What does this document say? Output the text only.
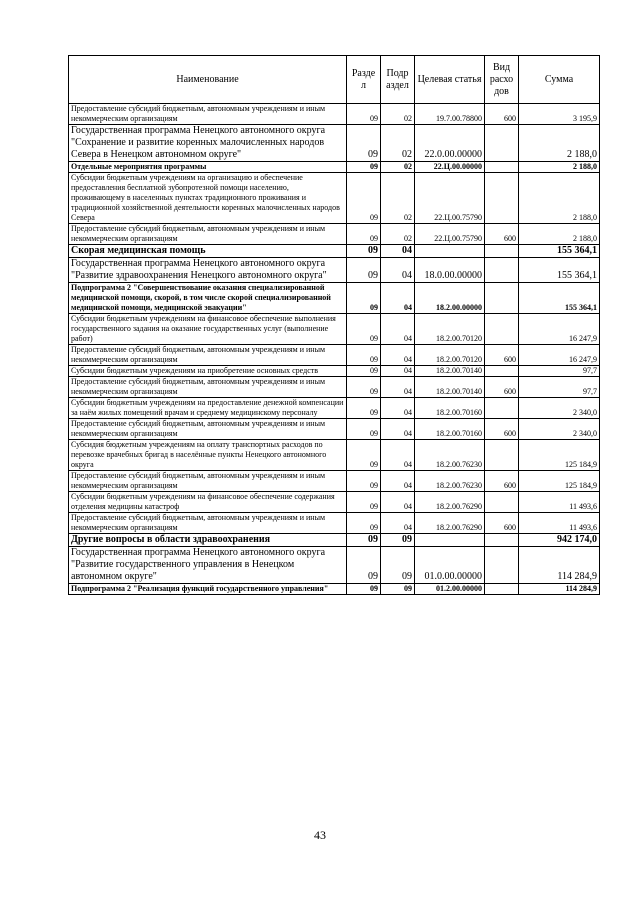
Наименование	Разде л	Подр аздел	Целевая статья	Вид расхо дов	Сумма
Предоставление субсидий бюджетным, автономным учреждениям и иным некоммерческим организациям	09	02	19.7.00.78800	600	3 195,9
Государственная программа Ненецкого автономного округа "Сохранение и развитие коренных малочисленных народов Севера в Ненецком автономном округе"	09	02	22.0.00.00000		2 188,0
Отдельные мероприятия программы	09	02	22.Ц.00.00000		2 188,0
Субсидии бюджетным учреждениям на организацию и обеспечение предоставления бесплатной зубопротезной помощи населению, проживающему в населенных пунктах традиционного проживания и традиционной хозяйственной деятельности коренных малочисленных народов Севера	09	02	22.Ц.00.75790		2 188,0
Предоставление субсидий бюджетным, автономным учреждениям и иным некоммерческим организациям	09	02	22.Ц.00.75790	600	2 188,0
Скорая медицинская помощь	09	04			155 364,1
Государственная программа Ненецкого автономного округа "Развитие здравоохранения Ненецкого автономного округа"	09	04	18.0.00.00000		155 364,1
Подпрограмма 2 "Совершенствование оказания специализированной медицинской помощи, скорой, в том числе скорой специализированной медицинской помощи, медицинской эвакуации"	09	04	18.2.00.00000		155 364,1
Субсидии бюджетным учреждениям на финансовое обеспечение выполнения государственного задания на оказание государственных услуг (выполнение работ)	09	04	18.2.00.70120		16 247,9
Предоставление субсидий бюджетным, автономным учреждениям и иным некоммерческим организациям	09	04	18.2.00.70120	600	16 247,9
Субсидии бюджетным учреждениям на приобретение основных средств	09	04	18.2.00.70140		97,7
Предоставление субсидий бюджетным, автономным учреждениям и иным некоммерческим организациям	09	04	18.2.00.70140	600	97,7
Субсидии бюджетным учреждениям на предоставление денежной компенсации за наём жилых помещений врачам и среднему медицинскому персоналу	09	04	18.2.00.70160		2 340,0
Предоставление субсидий бюджетным, автономным учреждениям и иным некоммерческим организациям	09	04	18.2.00.70160	600	2 340,0
Субсидия бюджетным учреждениям на оплату транспортных расходов по перевозке врачебных бригад в населённые пункты Ненецкого автономного округа	09	04	18.2.00.76230		125 184,9
Предоставление субсидий бюджетным, автономным учреждениям и иным некоммерческим организациям	09	04	18.2.00.76230	600	125 184,9
Субсидии бюджетным учреждениям на финансовое обеспечение содержания отделения медицины катастроф	09	04	18.2.00.76290		11 493,6
Предоставление субсидий бюджетным, автономным учреждениям и иным некоммерческим организациям	09	04	18.2.00.76290	600	11 493,6
Другие вопросы в области здравоохранения	09	09			942 174,0
Государственная программа Ненецкого автономного округа "Развитие государственного управления в Ненецком автономном округе"	09	09	01.0.00.00000		114 284,9
Подпрограмма 2 "Реализация функций государственного управления"	09	09	01.2.00.00000		114 284,9
43
